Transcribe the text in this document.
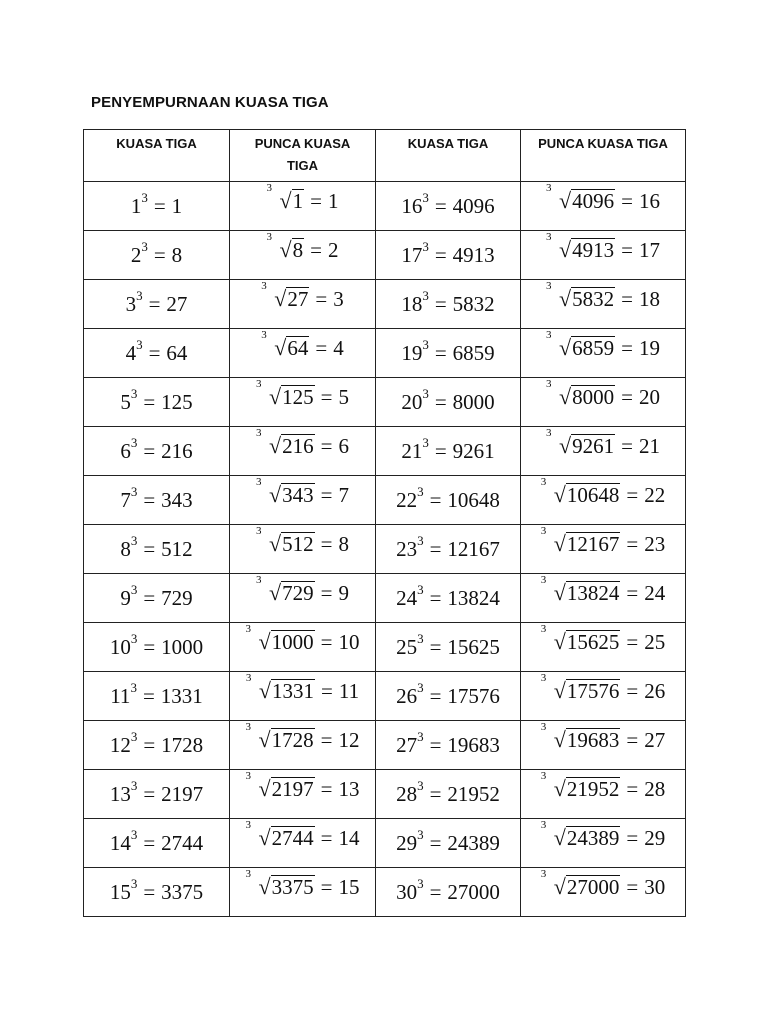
PENYEMPURNAAN KUASA TIGA
KUASA TIGA	PUNCA KUASA TIGA	KUASA TIGA	PUNCA KUASA TIGA
$1^3 = 1$	3 √1 = 1	$16^3 = 4096$	3 √4096 = 16
$2^3 = 8$	3 √8 = 2	$17^3 = 4913$	3 √4913 = 17
$3^3 = 27$	3 √27 = 3	$18^3 = 5832$	3 √5832 = 18
$4^3 = 64$	3 √64 = 4	$19^3 = 6859$	3 √6859 = 19
$5^3 = 125$	3 √125 = 5	$20^3 = 8000$	3 √8000 = 20
$6^3 = 216$	3 √216 = 6	$21^3 = 9261$	3 √9261 = 21
$7^3 = 343$	3 √343 = 7	$22^3 = 10648$	3 √10648 = 22
$8^3 = 512$	3 √512 = 8	$23^3 = 12167$	3 √12167 = 23
$9^3 = 729$	3 √729 = 9	$24^3 = 13824$	3 √13824 = 24
$10^3 = 1000$	3 √1000 = 10	$25^3 = 15625$	3 √15625 = 25
$11^3 = 1331$	3 √1331 = 11	$26^3 = 17576$	3 √17576 = 26
$12^3 = 1728$	3 √1728 = 12	$27^3 = 19683$	3 √19683 = 27
$13^3 = 2197$	3 √2197 = 13	$28^3 = 21952$	3 √21952 = 28
$14^3 = 2744$	3 √2744 = 14	$29^3 = 24389$	3 √24389 = 29
$15^3 = 3375$	3 √3375 = 15	$30^3 = 27000$	3 √27000 = 30
